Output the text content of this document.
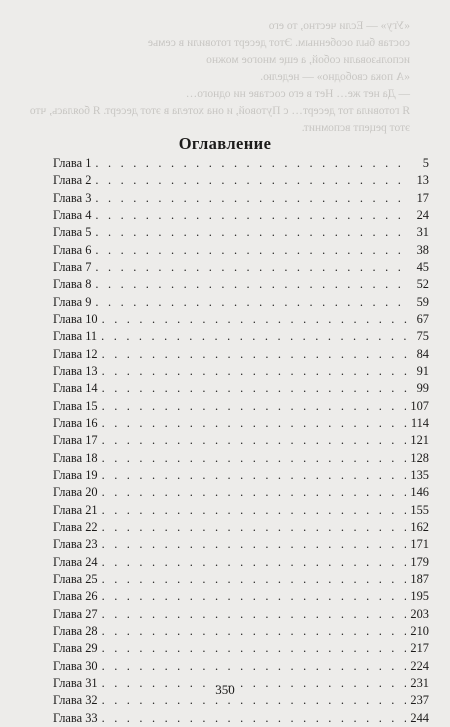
«Угу» — Если честно, то его
состав был особенным. Этот десерт готовили в семье
использовали собой, а еще многое можно
«А пока свободно» — неделю.
— Да нет же… Нет в его составе ни одного…
Я готовила тот десерт… с Путовой, и она хотела в этот десерт. Я боялась, что
этот рецепт вспомнит.
Оглавление
Глава 1 . . .	5
Глава 2 . . .	13
Глава 3 . . .	17
Глава 4 . . .	24
Глава 5 . . .	31
Глава 6 . . .	38
Глава 7 . . .	45
Глава 8 . . .	52
Глава 9 . . .	59
Глава 10 . . .	67
Глава 11 . . .	75
Глава 12 . . .	84
Глава 13 . . .	91
Глава 14 . . .	99
Глава 15 . . .	107
Глава 16 . . .	114
Глава 17 . . .	121
Глава 18 . . .	128
Глава 19 . . .	135
Глава 20 . . .	146
Глава 21 . . .	155
Глава 22 . . .	162
Глава 23 . . .	171
Глава 24 . . .	179
Глава 25 . . .	187
Глава 26 . . .	195
Глава 27 . . .	203
Глава 28 . . .	210
Глава 29 . . .	217
Глава 30 . . .	224
Глава 31 . . .	231
Глава 32 . . .	237
Глава 33 . . .	244
350
